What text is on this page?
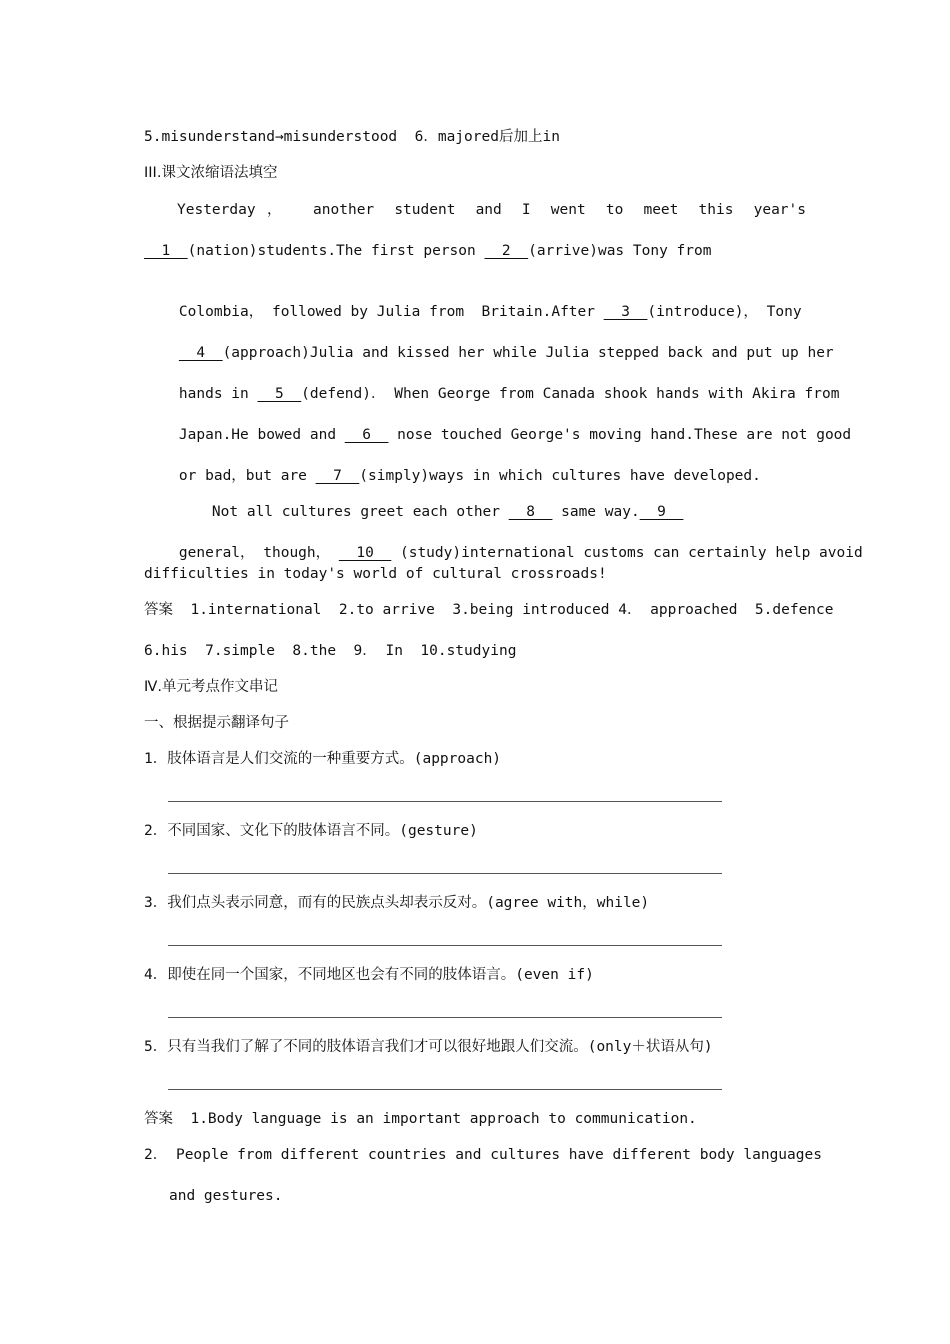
5.misunderstand→misunderstood  6．majored后加上in
III.课文浓缩语法填空
Yesterday， another student and I went to meet this year's
__1__(nation)students.The first person __2__(arrive)was Tony from

Colombia， followed by Julia from  Britain.After __3__(introduce)， Tony

__4__(approach)Julia and kissed her while Julia stepped back and put up her

hands in __5__(defend)． When George from Canada shook hands with Akira from

Japan.He bowed and __6__ nose touched George's moving hand.These are not good

or bad，but are __7__(simply)ways in which cultures have developed.

Not all cultures greet each other __8__ same way.__9__

general， though， __10__ (study)international customs can certainly help avoid

difficulties in today's world of cultural crossroads!
答案  1.international  2.to arrive  3.being introduced 4． approached  5.defence
6.his  7.simple  8.the  9． In  10.studying
Ⅳ.单元考点作文串记
一、根据提示翻译句子
1．肢体语言是人们交流的一种重要方式。(approach)
2．不同国家、文化下的肢体语言不同。(gesture)
3．我们点头表示同意，而有的民族点头却表示反对。(agree with，while)
4．即使在同一个国家，不同地区也会有不同的肢体语言。(even if)
5．只有当我们了解了不同的肢体语言我们才可以很好地跟人们交流。(only＋状语从句)
答案  1.Body language is an important approach to communication.
2． People from different countries and cultures have different body languages
and gestures.
